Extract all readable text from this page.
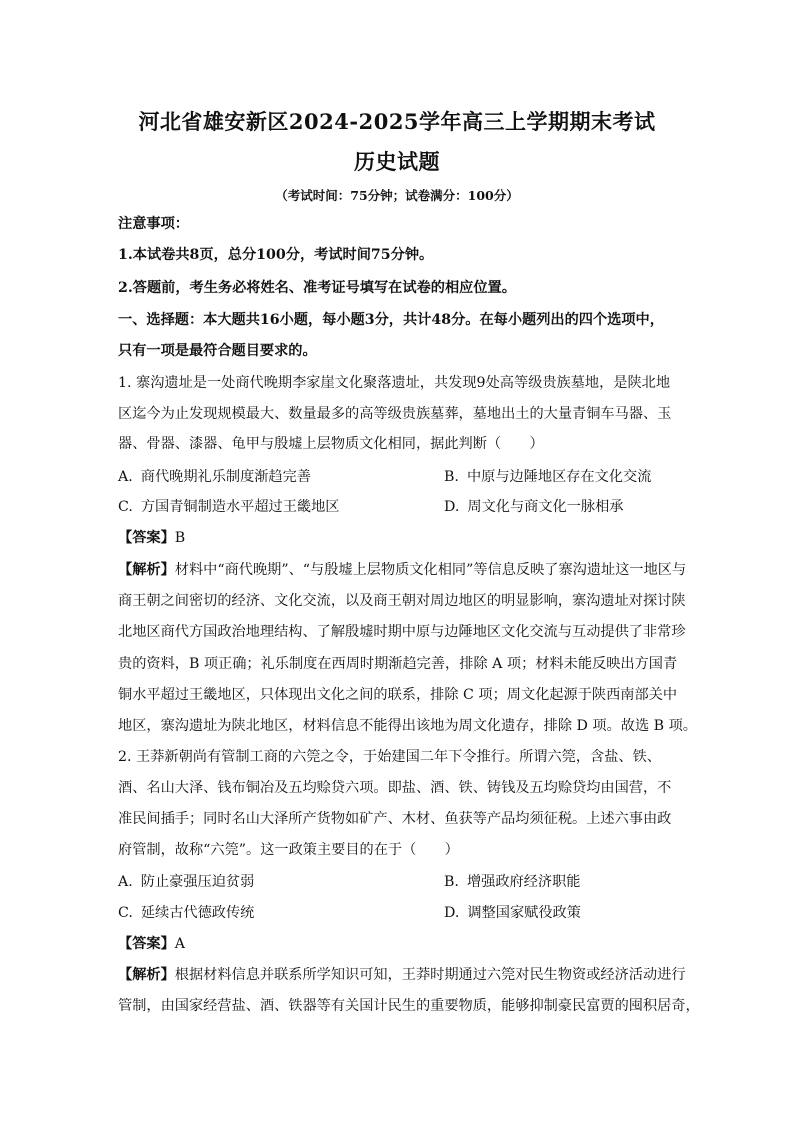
河北省雄安新区2024-2025学年高三上学期期末考试
历史试题
（考试时间：75分钟；试卷满分：100分）
注意事项：
1.本试卷共8页，总分100分，考试时间75分钟。
2.答题前，考生务必将姓名、准考证号填写在试卷的相应位置。
一、选择题：本大题共16小题，每小题3分，共计48分。在每小题列出的四个选项中，
只有一项是最符合题目要求的。
1. 寨沟遗址是一处商代晚期李家崖文化聚落遗址，共发现9处高等级贵族墓地，是陕北地
区迄今为止发现规模最大、数量最多的高等级贵族墓葬，墓地出土的大量青铜车马器、玉
器、骨器、漆器、龟甲与殷墟上层物质文化相同，据此判断（　　）
A. 商代晚期礼乐制度渐趋完善	B. 中原与边陲地区存在文化交流
C. 方国青铜制造水平超过王畿地区	D. 周文化与商文化一脉相承
【答案】B
【解析】材料中“商代晚期”、“与殷墟上层物质文化相同”等信息反映了寨沟遗址这一地区与
商王朝之间密切的经济、文化交流，以及商王朝对周边地区的明显影响，寨沟遗址对探讨陕
北地区商代方国政治地理结构、了解殷墟时期中原与边陲地区文化交流与互动提供了非常珍
贵的资料，B 项正确；礼乐制度在西周时期渐趋完善，排除 A 项；材料未能反映出方国青
铜水平超过王畿地区，只体现出文化之间的联系，排除 C 项；周文化起源于陕西南部关中
地区，寨沟遗址为陕北地区，材料信息不能得出该地为周文化遗存，排除 D 项。故选 B 项。
2. 王莽新朝尚有管制工商的六筦之令，于始建国二年下令推行。所谓六筦，含盐、铁、
酒、名山大泽、钱布铜冶及五均赊贷六项。即盐、酒、铁、铸钱及五均赊贷均由国营，不
准民间插手；同时名山大泽所产货物如矿产、木材、鱼获等产品均须征税。上述六事由政
府管制，故称“六筦”。这一政策主要目的在于（　　）
A. 防止豪强压迫贫弱	B. 增强政府经济职能
C. 延续古代德政传统	D. 调整国家赋役政策
【答案】A
【解析】根据材料信息并联系所学知识可知，王莽时期通过六筦对民生物资或经济活动进行
管制，由国家经营盐、酒、铁器等有关国计民生的重要物质，能够抑制豪民富贾的囤积居奇，
